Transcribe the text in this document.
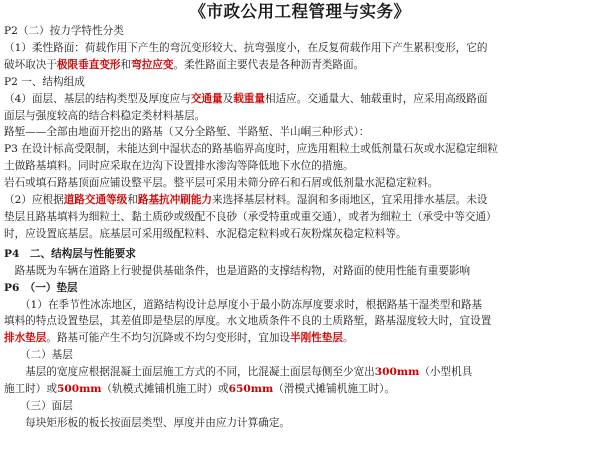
《市政公用工程管理与实务》
P2（二）按力学特性分类
（1）柔性路面：荷载作用下产生的弯沉变形较大、抗弯强度小，在反复荷载作用下产生累积变形，它的
破坏取决于极限垂直变形和弯拉应变。柔性路面主要代表是各种沥青类路面。
P2 一、结构组成
（4）面层、基层的结构类型及厚度应与交通量及载重量相适应。交通量大、轴载重时，应采用高级路面
面层与强度较高的结合料稳定类材料基层。
路堑——全部由地面开挖出的路基（又分全路堑、半路堑、半山峒三种形式）：
P3 在设计标高受限制，未能达到中湿状态的路基临界高度时，应选用粗粒土或低剂量石灰或水泥稳定细粒
土做路基填料。同时应采取在边沟下设置排水渗沟等降低地下水位的措施。
岩石或填石路基顶面应铺设整平层。整平层可采用未筛分碎石和石屑或低剂量水泥稳定粒料。
（2）应根据道路交通等级和路基抗冲刷能力来选择基层材料。湿润和多雨地区，宜采用排水基层。未设
垫层且路基填料为细粒土、黏土质砂或级配不良砂（承受特重或重交通），或者为细粒土（承受中等交通）
时，应设置底基层。底基层可采用级配粒料、水泥稳定粒料或石灰粉煤灰稳定粒料等。
P4　二、结构层与性能要求
　路基既为车辆在道路上行驶提供基础条件，也是道路的支撑结构物，对路面的使用性能有重要影响
P6　（一）垫层
　　（1）在季节性冰冻地区，道路结构设计总厚度小于最小防冻厚度要求时，根据路基干湿类型和路基
填料的特点设置垫层，其差值即是垫层的厚度。水文地质条件不良的土质路堑，路基湿度较大时，宜设置
排水垫层。路基可能产生不均匀沉降或不均匀变形时，宜加设半刚性垫层。
　　（二）基层
　　基层的宽度应根据混凝土面层施工方式的不同，比混凝土面层每侧至少宽出300mm（小型机具
施工时）或500mm（轨模式摊铺机施工时）或650mm（滑模式摊铺机施工时）。
　　（三）面层
　　每块矩形板的板长按面层类型、厚度并由应力计算确定。
